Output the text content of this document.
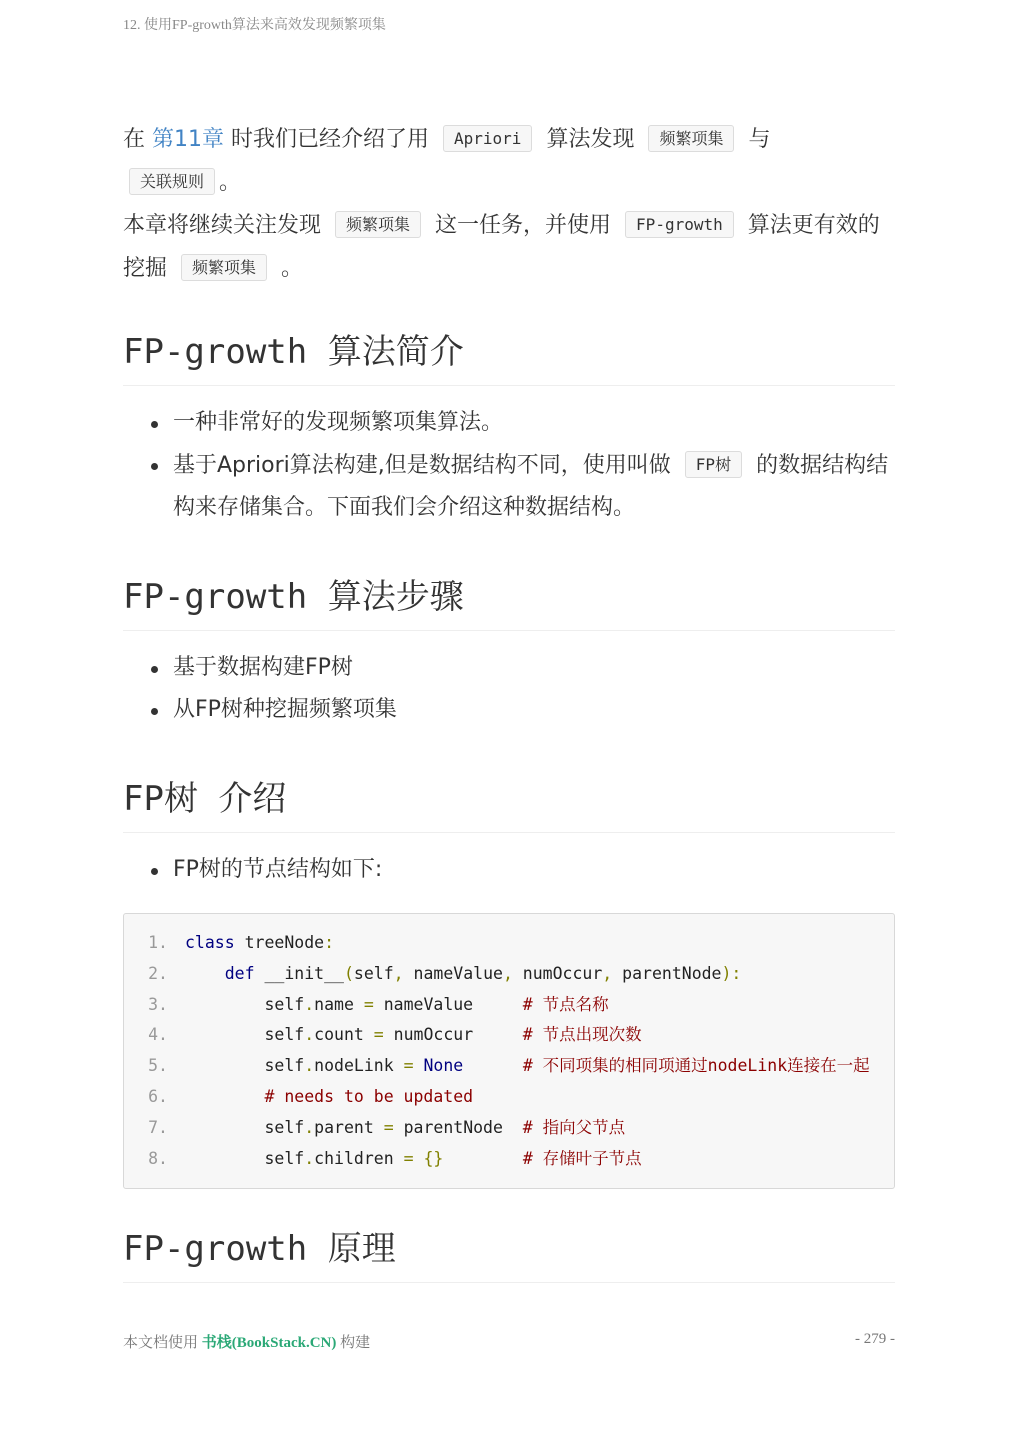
12. 使用FP-growth算法来高效发现频繁项集

在 第11章 时我们已经介绍了用 Apriori 算法发现 频繁项集 与
关联规则 。

本章将继续关注发现 频繁项集 这一任务，并使用 FP-growth 算法更有效的挖掘 频繁项集 。

FP-growth 算法简介
一种非常好的发现频繁项集算法。
基于Apriori算法构建,但是数据结构不同，使用叫做 FP树 的数据结构结构来存储集合。下面我们会介绍这种数据结构。
FP-growth 算法步骤
基于数据构建FP树
从FP树种挖掘频繁项集
FP树 介绍
FP树的节点结构如下:
1.	class treeNode:
2.	def __init__(self, nameValue, numOccur, parentNode):
3.	self.name = nameValue     # 节点名称
4.	self.count = numOccur     # 节点出现次数
5.	self.nodeLink = None	# 不同项集的相同项通过nodeLink连接在一起
6.	# needs to be updated
7.	self.parent = parentNode  # 指向父节点
8.	self.children = {}	# 存储叶子节点
FP-growth 原理
本文档使用 书栈(BookStack.CN) 构建	- 279 -
